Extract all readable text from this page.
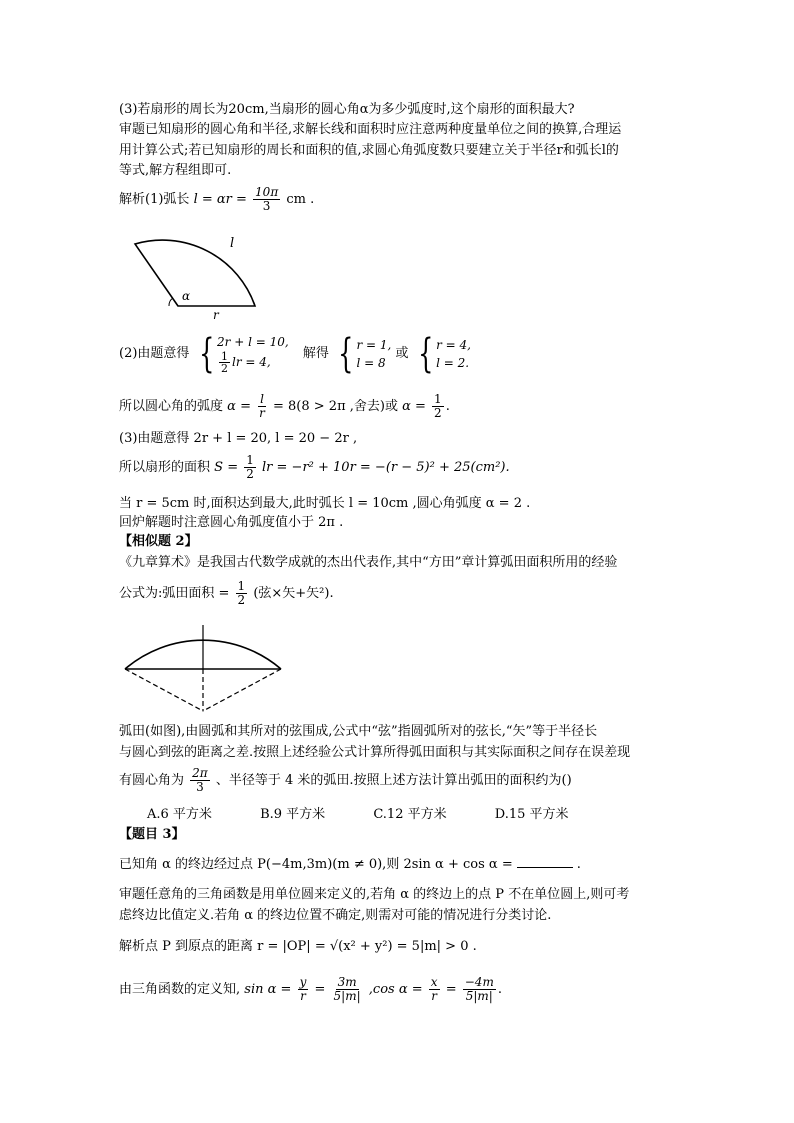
(3)若扇形的周长为20cm,当扇形的圆心角α为多少弧度时,这个扇形的面积最大?
审题已知扇形的圆心角和半径,求解长线和面积时应注意两种度量单位之间的换算,合理运
用计算公式;若已知扇形的周长和面积的值,求圆心角弧度数只要建立关于半径r和弧长l的
等式,解方程组即可.
解析(1)弧长 $l = \alpha r = \frac{10\pi}{3}$ cm .
l
α
r
(2)由题意得 { 2r + l = 10,
$\frac{1}{2}$ lr = 4,
解得 { r = 1,
l = 8
或 { r = 4,
l = 2.
所以圆心角的弧度 $\alpha = \frac{l}{r} = 8(8 > 2\pi$ ,舍去)或 $\alpha = \frac{1}{2}$ .
(3)由题意得 2r + l = 20, l = 20 − 2r ,
所以扇形的面积 $S = \frac{1}{2}$ lr = −r² + 10r = −(r − 5)² + 25(cm²).
当 r = 5cm 时,面积达到最大,此时弧长 l = 10cm ,圆心角弧度 α = 2 .
回炉解题时注意圆心角弧度值小于 2π .
【相似题 2】
《九章算术》是我国古代数学成就的杰出代表作,其中“方田”章计算弧田面积所用的经验
公式为:弧田面积 = $\frac{1}{2}$ (弦×矢+矢²).
弧田(如图),由圆弧和其所对的弦围成,公式中“弦”指圆弧所对的弦长,“矢”等于半径长
与圆心到弦的距离之差.按照上述经验公式计算所得弧田面积与其实际面积之间存在误差现
有圆心角为 $\frac{2\pi}{3}$ 、半径等于 4 米的弧田.按照上述方法计算出弧田的面积约为()
A.6 平方米	B.9 平方米	C.12 平方米	D.15 平方米
【题目 3】
已知角 α 的终边经过点 P(−4m,3m)(m ≠ 0),则 2sin α + cos α =	.
审题任意角的三角函数是用单位圆来定义的,若角 α 的终边上的点 P 不在单位圆上,则可考
虑终边比值定义.若角 α 的终边位置不确定,则需对可能的情况进行分类讨论.
解析点 P 到原点的距离 r = |OP| = √(x² + y²) = 5|m| > 0 .
由三角函数的定义知, $\sin \alpha = \frac{y}{r} = \frac{3m}{5|m|} ,\cos$ $\alpha = \frac{x}{r} = \frac{-4m}{5|m|}$ .
